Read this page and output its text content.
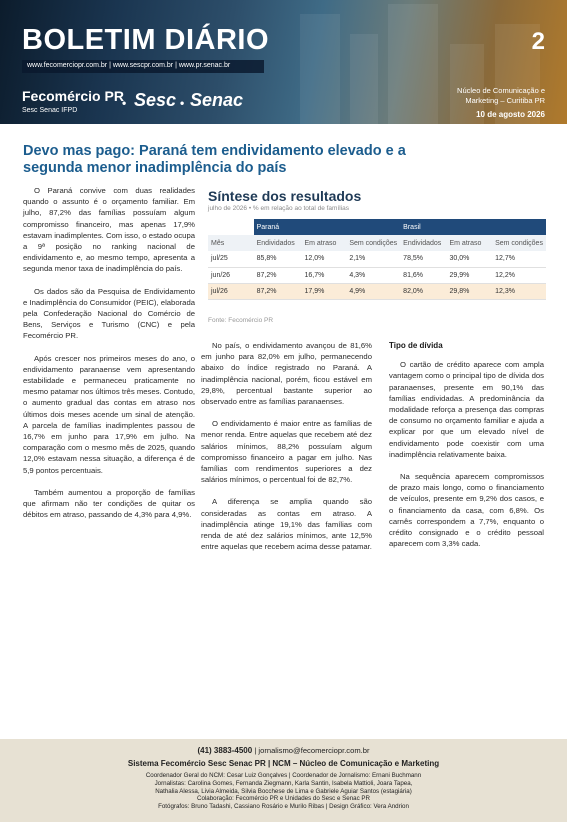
BOLETIM DIÁRIO	2
www.fecomerciopr.com.br | www.sescpr.com.br | www.pr.senac.br
Fecomércio PR
Sesc Senac IFPD
• Sesc • Senac	Núcleo de Comunicação e
Marketing – Curitiba PR
10 de agosto 2026
Devo mas pago: Paraná tem endividamento elevado e a segunda menor inadimplência do país

O Paraná convive com duas realidades quando o assunto é o orçamento familiar. Em julho, 87,2% das famílias possuíam algum compromisso financeiro, mas apenas 17,9% estavam inadimplentes. Com isso, o estado ocupa a 9ª posição no ranking nacional de endividamento e, ao mesmo tempo, apresenta a segunda menor taxa de inadimplência do país.

Os dados são da Pesquisa de Endividamento e Inadimplência do Consumidor (PEIC), elaborada pela Confederação Nacional do Comércio de Bens, Serviços e Turismo (CNC) e pela Fecomércio PR.

Após crescer nos primeiros meses do ano, o endividamento paranaense vem apresentando estabilidade e permaneceu praticamente no mesmo patamar nos últimos três meses. Contudo, o aumento gradual das contas em atraso nos últimos dois meses acende um sinal de atenção. A parcela de famílias inadimplentes passou de 16,7% em junho para 17,9% em julho. Na comparação com o mesmo mês de 2025, quando 12,0% estavam nessa situação, a diferença é de 5,9 pontos percentuais.

Também aumentou a proporção de famílias que afirmam não ter condições de quitar os débitos em atraso, passando de 4,3% para 4,9%.

Síntese dos resultados
julho de 2026 • % em relação ao total de famílias
	Paraná			Brasil		
Mês	Endividados	Em atraso	Sem condições	Endividados	Em atraso	Sem condições
jul/25	85,8%	12,0%	2,1%	78,5%	30,0%	12,7%
jun/26	87,2%	16,7%	4,3%	81,6%	29,9%	12,2%
jul/26	87,2%	17,9%	4,9%	82,0%	29,8%	12,3%
Fonte: Fecomércio PR

No país, o endividamento avançou de 81,6% em junho para 82,0% em julho, permanecendo abaixo do índice registrado no Paraná. A inadimplência nacional, porém, ficou estável em 29,8%, percentual bastante superior ao observado entre as famílias paranaenses.

O endividamento é maior entre as famílias de menor renda. Entre aquelas que recebem até dez salários mínimos, 88,2% possuíam algum compromisso financeiro a pagar em julho. Nas famílias com rendimentos superiores a dez salários mínimos, o percentual foi de 82,7%.

A diferença se amplia quando são consideradas as contas em atraso. A inadimplência atinge 19,1% das famílias com renda de até dez salários mínimos, ante 12,5% entre aquelas que recebem acima desse patamar.

Tipo de dívida

O cartão de crédito aparece com ampla vantagem como o principal tipo de dívida dos paranaenses, presente em 90,1% das famílias endividadas. A predominância da modalidade reforça a presença das compras de consumo no orçamento familiar e ajuda a explicar por que um elevado nível de endividamento pode coexistir com uma inadimplência relativamente baixa.

Na sequência aparecem compromissos de prazo mais longo, como o financiamento de veículos, presente em 9,2% dos casos, e o financiamento da casa, com 6,8%. Os carnês correspondem a 7,7%, enquanto o crédito consignado e o crédito pessoal aparecem com 3,3% cada.

(41) 3883-4500 | jornalismo@fecomerciopr.com.br
Sistema Fecomércio Sesc Senac PR | NCM – Núcleo de Comunicação e Marketing
Coordenador Geral do NCM: Cesar Luiz Gonçalves | Coordenador de Jornalismo: Ernani Buchmann
Jornalistas: Carolina Gomes, Fernanda Ziegmann, Karla Santin, Isabela Mattioli, Joara Tapea,
Nathalia Alessa, Livia Almeida, Silvia Bocchese de Lima e Gabriele Aguiar Santos (estagiária)
Colaboração: Fecomércio PR e Unidades do Sesc e Senac PR
Fotógrafos: Bruno Tadashi, Cassiano Rosário e Murilo Ribas | Design Gráfico: Vera Andrion
